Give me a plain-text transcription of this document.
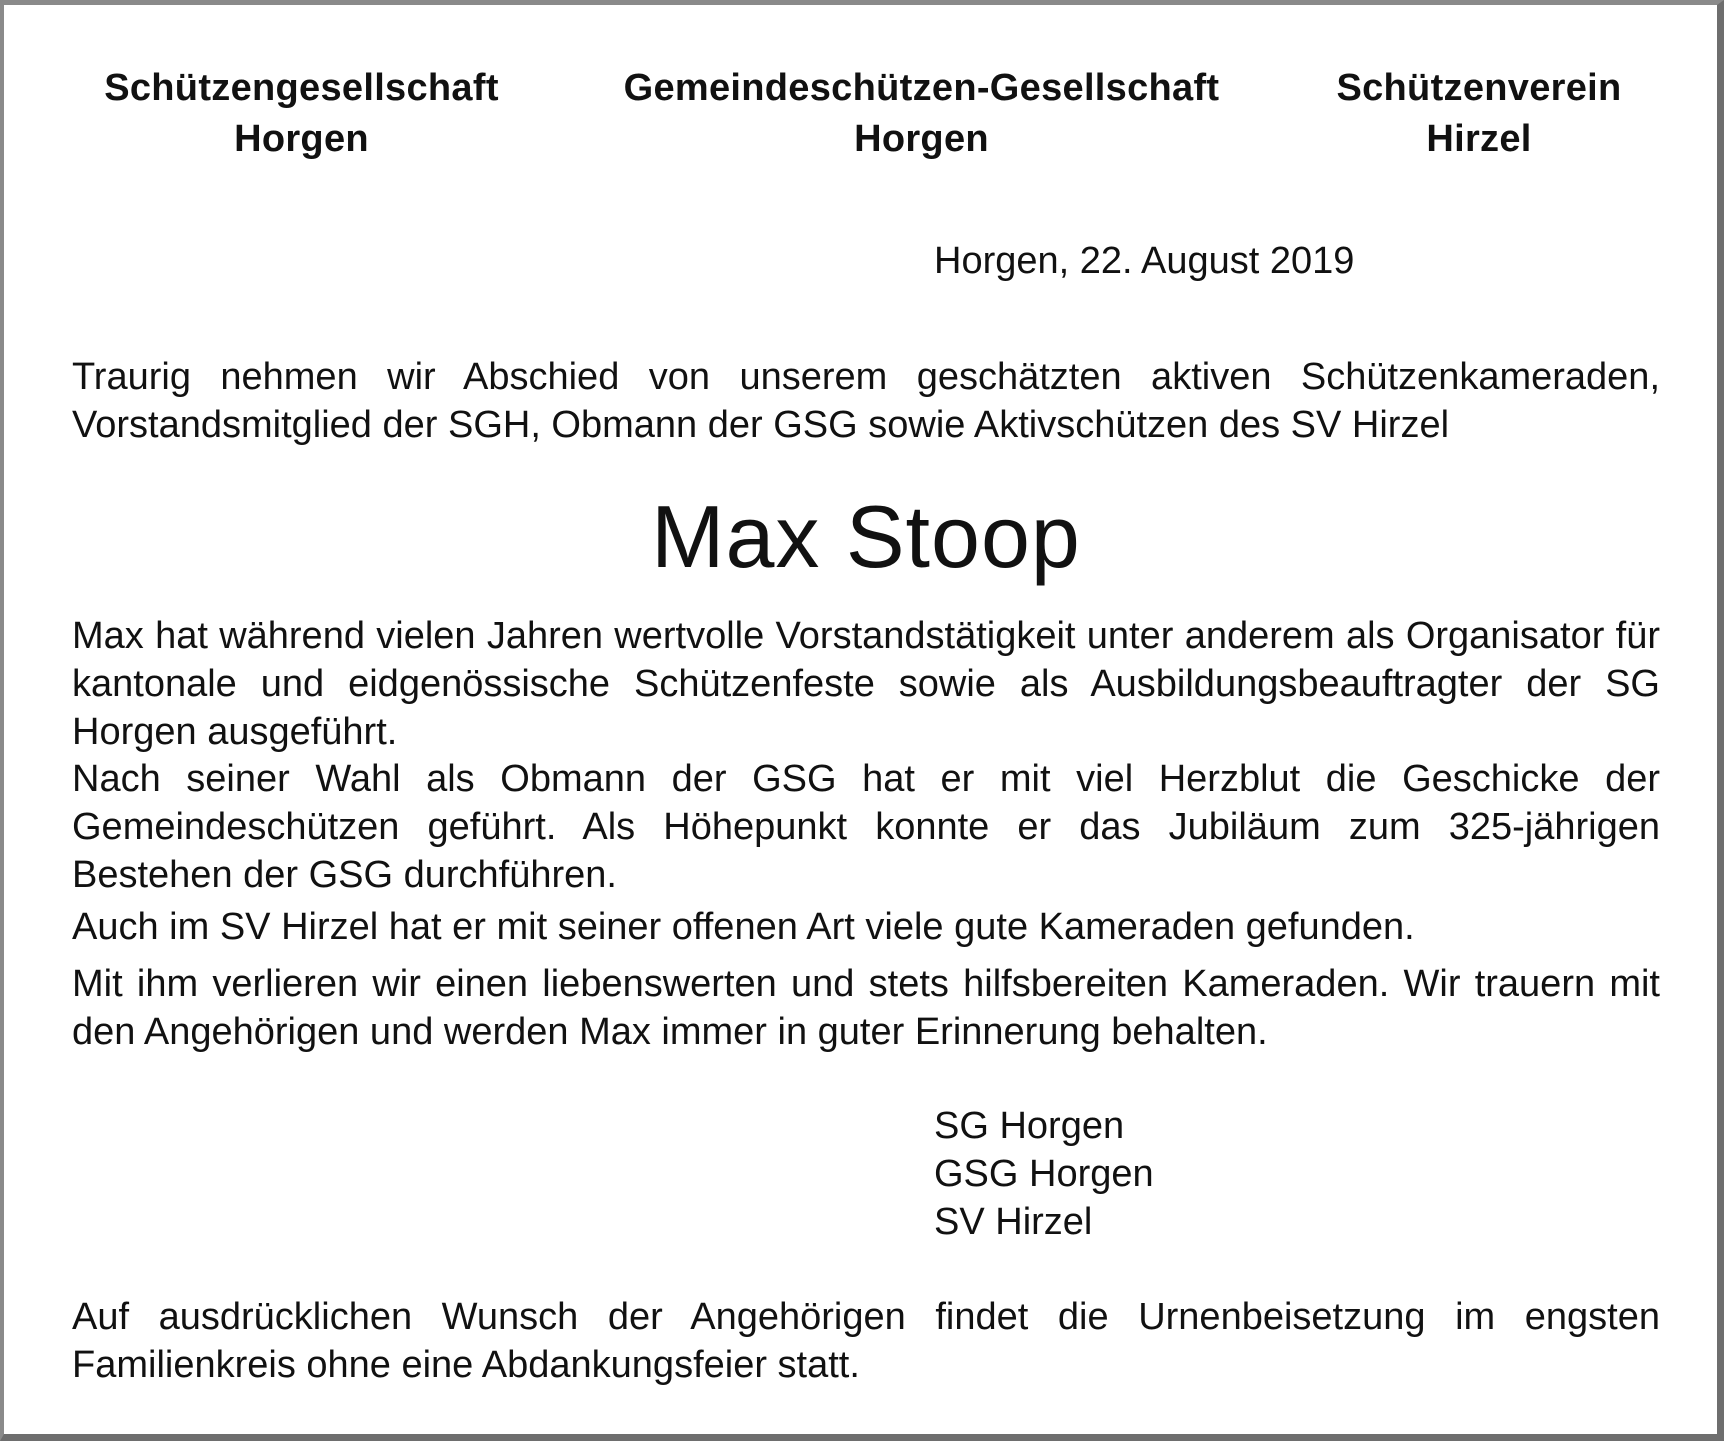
Schützengesellschaft
Horgen
Gemeindeschützen-Gesellschaft
Horgen
Schützenverein
Hirzel
Horgen, 22. August 2019
Traurig nehmen wir Abschied von unserem geschätzten aktiven Schützenkameraden,
Vorstandsmitglied der SGH, Obmann der GSG sowie Aktivschützen des SV Hirzel
Max Stoop
Max hat während vielen Jahren wertvolle Vorstandstätigkeit unter anderem als Organisator für kantonale und eidgenössische Schützenfeste sowie als Ausbildungsbeauftragter der SG Horgen ausgeführt.
Nach seiner Wahl als Obmann der GSG hat er mit viel Herzblut die Geschicke der Gemeindeschützen geführt. Als Höhepunkt konnte er das Jubiläum zum 325-jährigen Bestehen der GSG durchführen.
Auch im SV Hirzel hat er mit seiner offenen Art viele gute Kameraden gefunden.
Mit ihm verlieren wir einen liebenswerten und stets hilfsbereiten Kameraden. Wir trauern mit den Angehörigen und werden Max immer in guter Erinnerung behalten.
SG Horgen
GSG Horgen
SV Hirzel
Auf ausdrücklichen Wunsch der Angehörigen findet die Urnenbeisetzung im engsten Familienkreis ohne eine Abdankungsfeier statt.
